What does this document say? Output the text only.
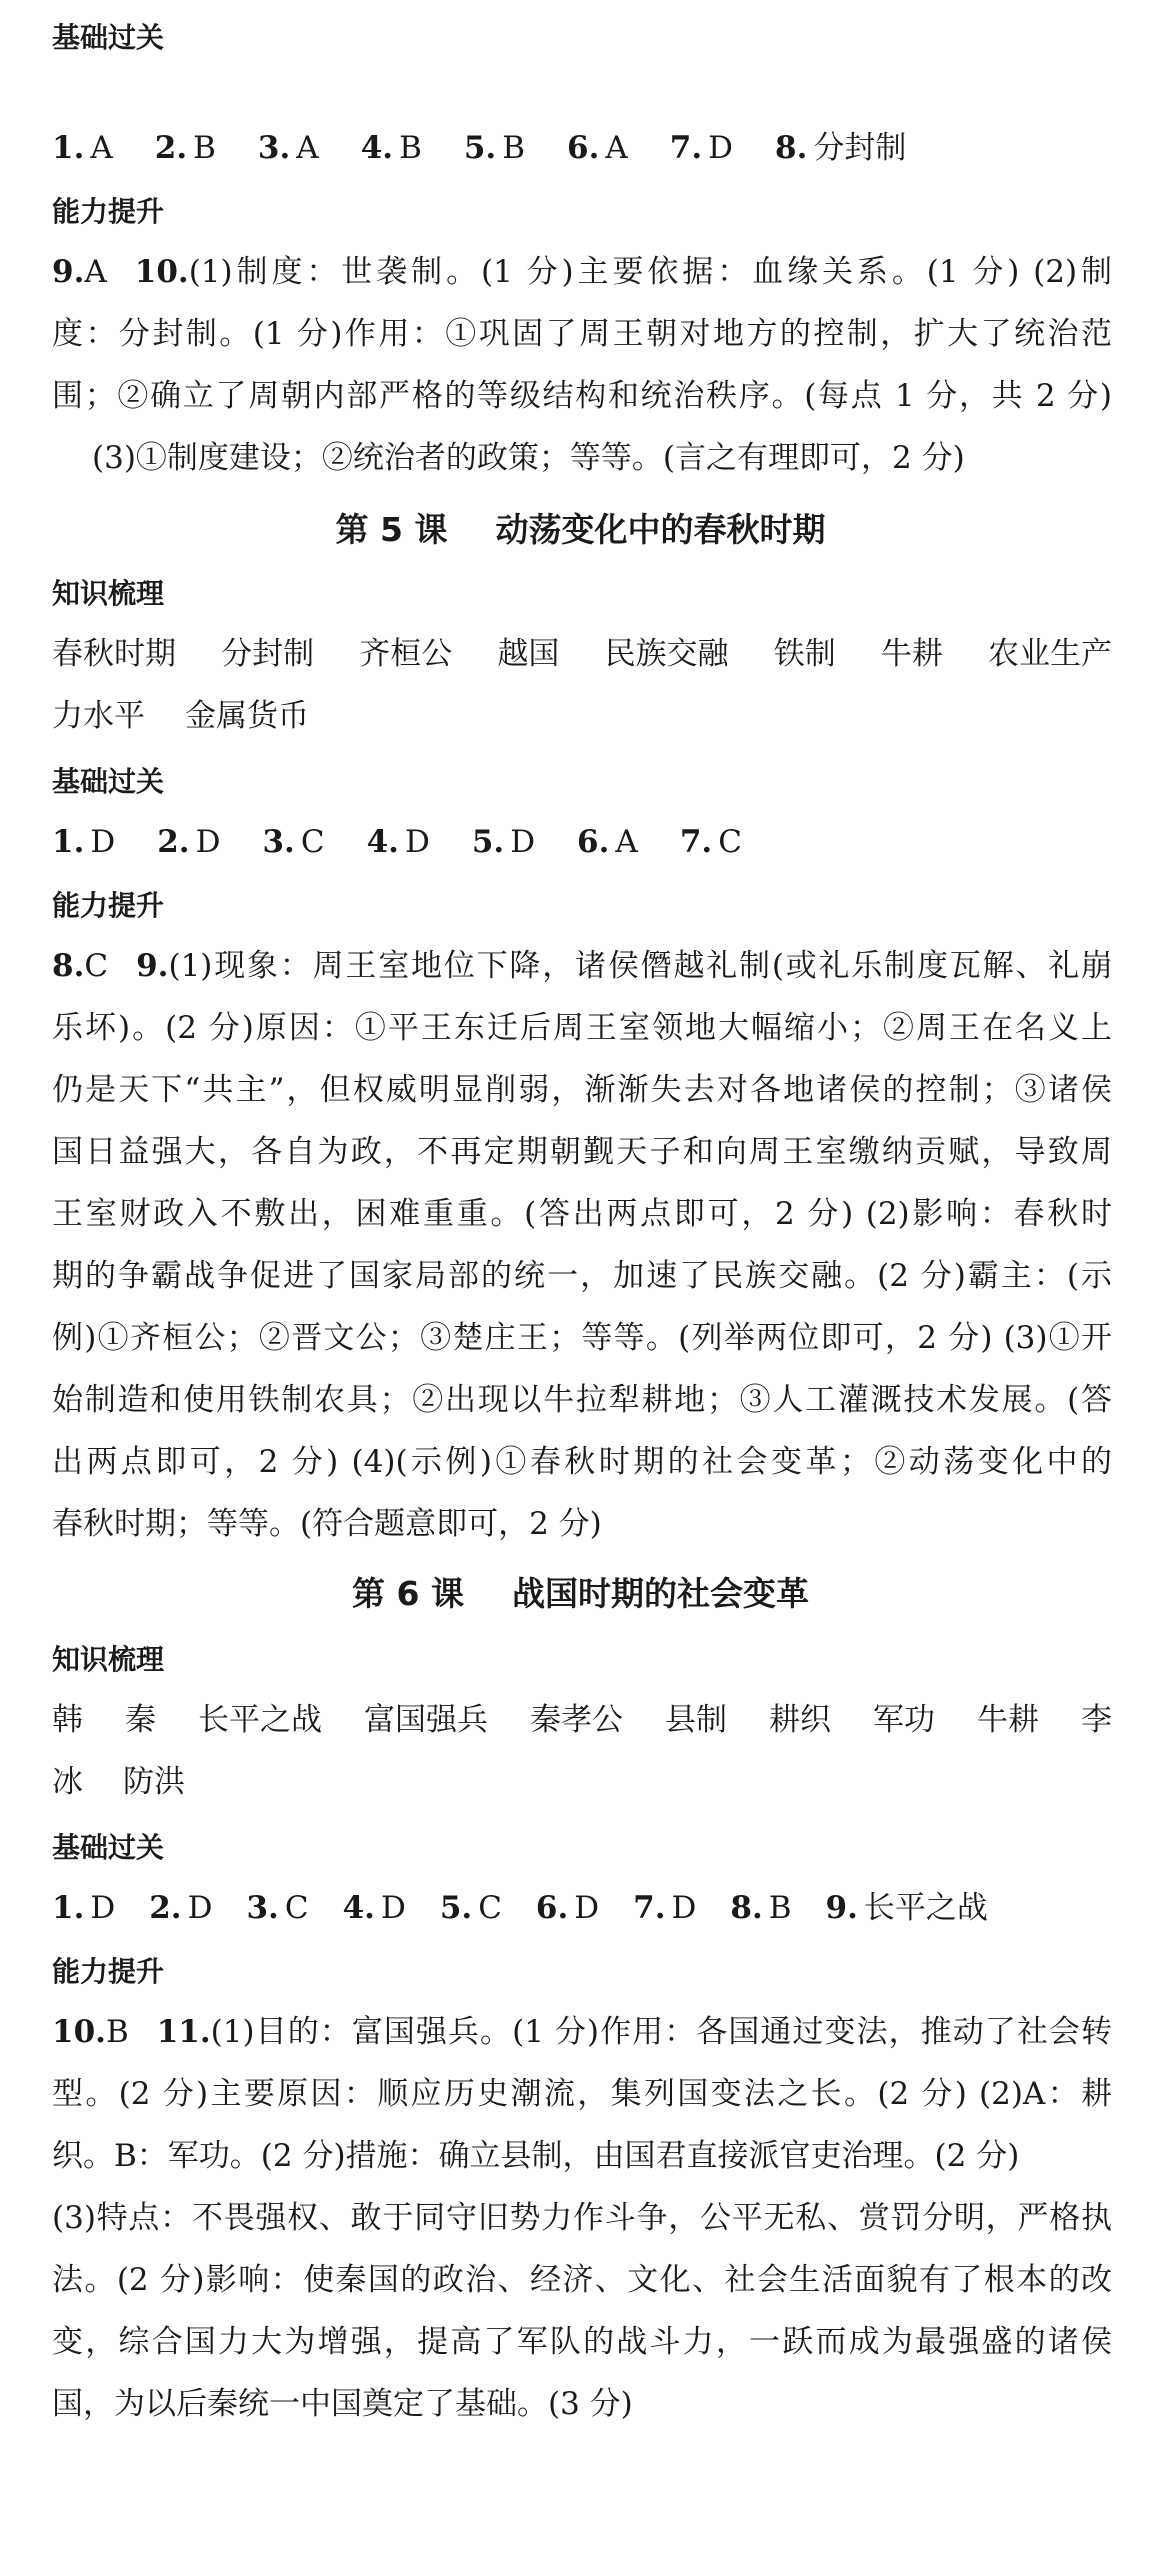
基础过关
1. A 2. B 3. A 4. B 5. B 6. A 7. D 8. 分封制
能力提升
9.A 10.(1)制度：世袭制。(1 分)主要依据：血缘关系。(1 分) (2)制
度：分封制。(1 分)作用：①巩固了周王朝对地方的控制，扩大了统治范
围；②确立了周朝内部严格的等级结构和统治秩序。(每点 1 分，共 2 分)
(3)①制度建设；②统治者的政策；等等。(言之有理即可，2 分)
第 5 课 动荡变化中的春秋时期
知识梳理
春秋时期 分封制 齐桓公 越国 民族交融 铁制 牛耕 农业生产
力水平 金属货币
基础过关
1. D 2. D 3. C 4. D 5. D 6. A 7. C
能力提升
8.C 9.(1)现象：周王室地位下降，诸侯僭越礼制(或礼乐制度瓦解、礼崩
乐坏)。(2 分)原因：①平王东迁后周王室领地大幅缩小；②周王在名义上
仍是天下“共主”，但权威明显削弱，渐渐失去对各地诸侯的控制；③诸侯
国日益强大，各自为政，不再定期朝觐天子和向周王室缴纳贡赋，导致周
王室财政入不敷出，困难重重。(答出两点即可，2 分) (2)影响：春秋时
期的争霸战争促进了国家局部的统一，加速了民族交融。(2 分)霸主：(示
例)①齐桓公；②晋文公；③楚庄王；等等。(列举两位即可，2 分) (3)①开
始制造和使用铁制农具；②出现以牛拉犁耕地；③人工灌溉技术发展。(答
出两点即可，2 分) (4)(示例)①春秋时期的社会变革；②动荡变化中的
春秋时期；等等。(符合题意即可，2 分)
第 6 课 战国时期的社会变革
知识梳理
韩 秦 长平之战 富国强兵 秦孝公 县制 耕织 军功 牛耕 李
冰 防洪
基础过关
1. D 2. D 3. C 4. D 5. C 6. D 7. D 8. B 9. 长平之战
能力提升
10.B 11.(1)目的：富国强兵。(1 分)作用：各国通过变法，推动了社会转
型。(2 分)主要原因：顺应历史潮流，集列国变法之长。(2 分) (2)A：耕
织。B：军功。(2 分)措施：确立县制，由国君直接派官吏治理。(2 分)
(3)特点：不畏强权、敢于同守旧势力作斗争，公平无私、赏罚分明，严格执
法。(2 分)影响：使秦国的政治、经济、文化、社会生活面貌有了根本的改
变，综合国力大为增强，提高了军队的战斗力，一跃而成为最强盛的诸侯
国，为以后秦统一中国奠定了基础。(3 分)
